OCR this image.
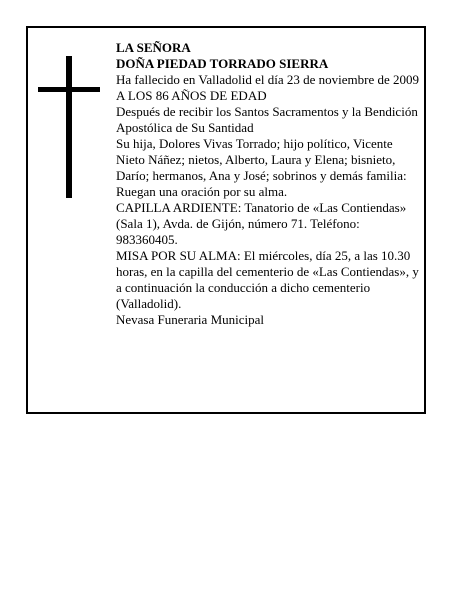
LA SEÑORA

DOÑA PIEDAD TORRADO SIERRA

Ha fallecido en Valladolid el día 23 de noviembre de 2009

A LOS 86 AÑOS DE EDAD

Después de recibir los Santos Sacramentos y la Bendición Apostólica de Su Santidad

Su hija, Dolores Vivas Torrado; hijo político, Vicente Nieto Náñez; nietos, Alberto, Laura y Elena; bisnieto, Darío; hermanos, Ana y José; sobrinos y demás familia:

Ruegan una oración por su alma.

CAPILLA ARDIENTE: Tanatorio de «Las Contiendas» (Sala 1), Avda. de Gijón, número 71. Teléfono: 983360405.

MISA POR SU ALMA: El miércoles, día 25, a las 10.30 horas, en la capilla del cementerio de «Las Contiendas», y a continuación la conducción a dicho cementerio (Valladolid).

Nevasa Funeraria Municipal
